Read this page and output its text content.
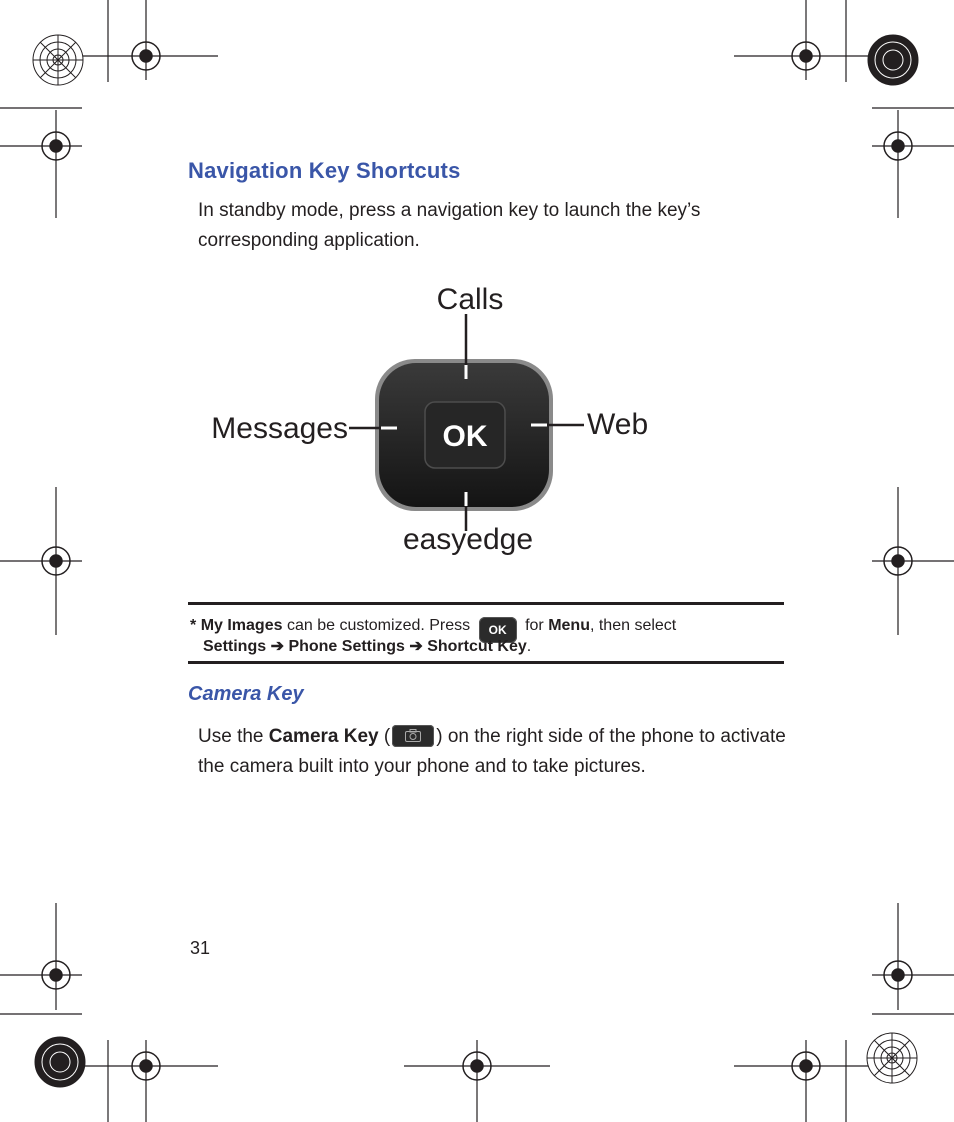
Navigation Key Shortcuts

In standby mode, press a navigation key to launch the key’s corresponding application.

OK
Calls
Messages	Web
easyedge
* My Images can be customized. Press OK for Menu, then select
Settings ➔ Phone Settings ➔ Shortcut Key.
Camera Key

Use the Camera Key ( ) on the right side of the phone to activate the camera built into your phone and to take pictures.

31
